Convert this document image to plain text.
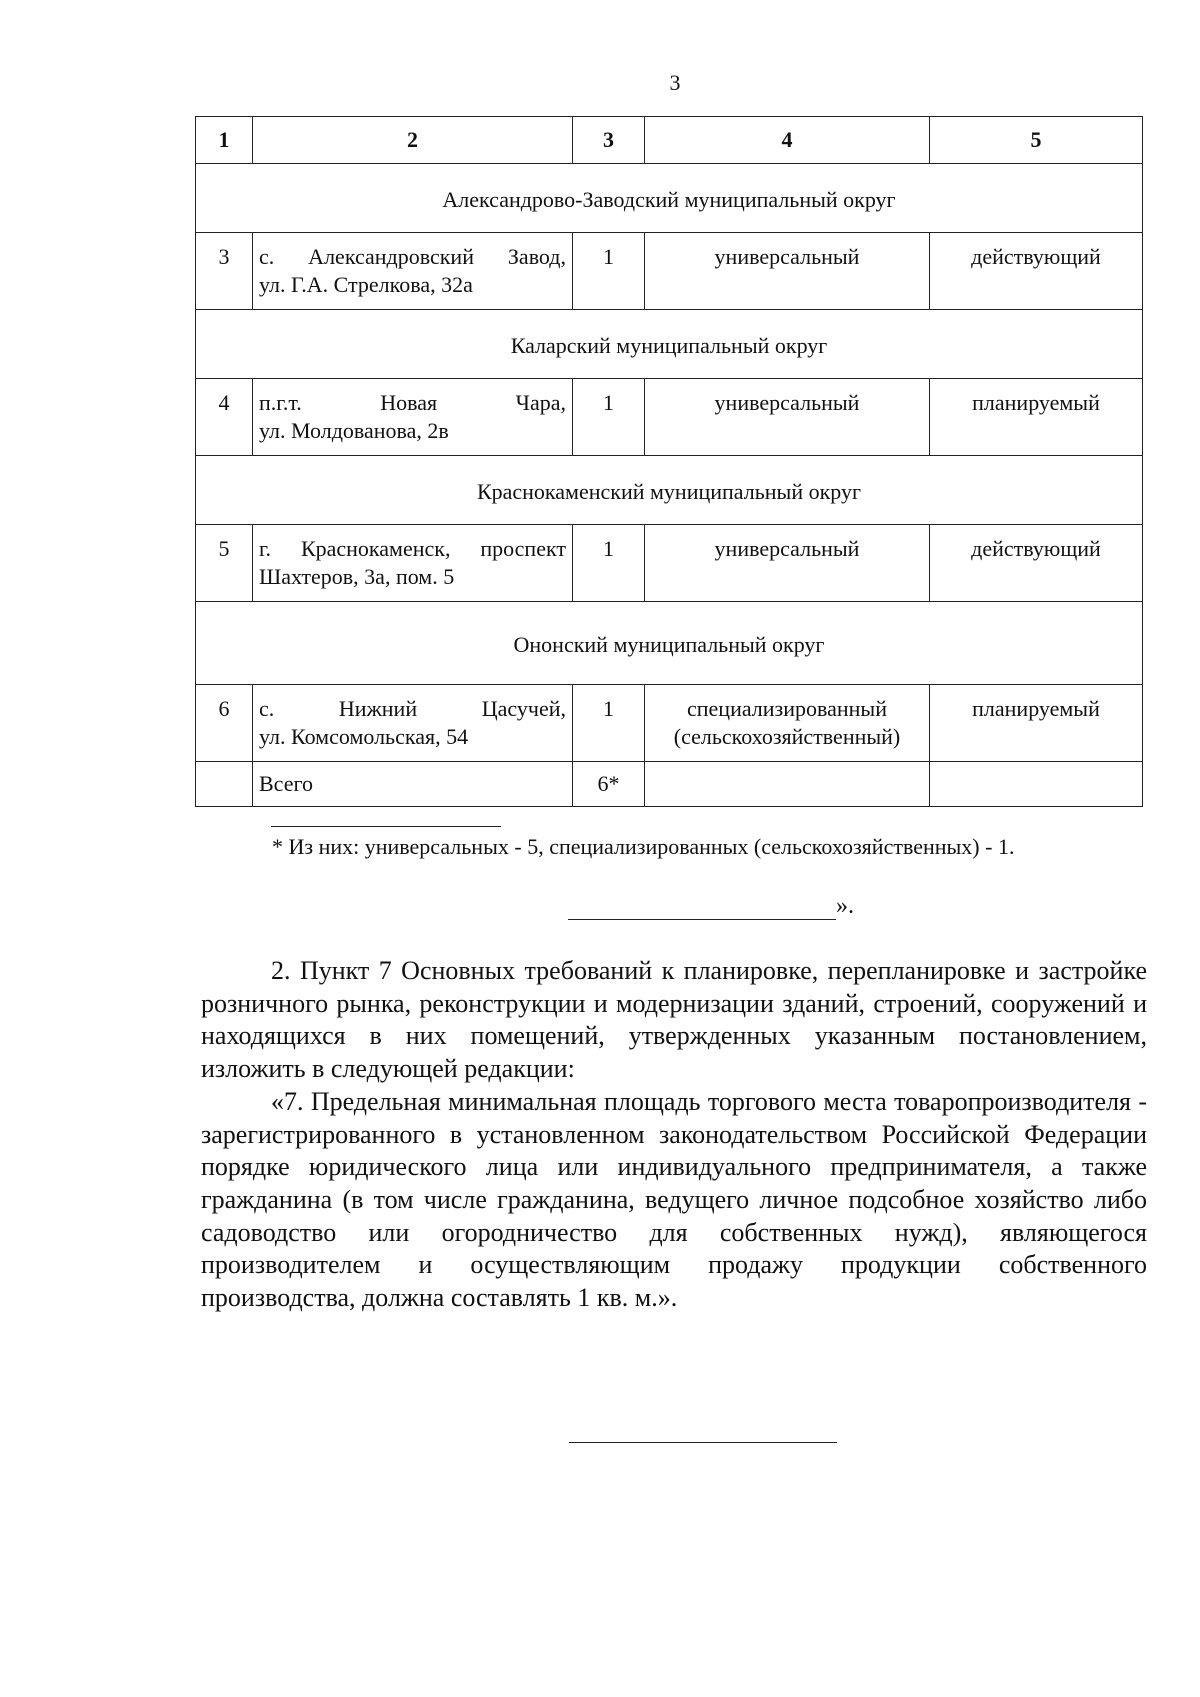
3
1	2	3	4	5
Александрово-Заводский муниципальный округ				
3	с. Александровский Завод,
ул. Г.А. Стрелкова, 32а	1	универсальный	действующий
Каларский муниципальный округ				
4	п.г.т. Новая Чара,
ул. Молдованова, 2в	1	универсальный	планируемый
Краснокаменский муниципальный округ				
5	г. Краснокаменск, проспект
Шахтеров, 3а, пом. 5	1	универсальный	действующий
Ононский муниципальный округ				
6	с. Нижний Цасучей,
ул. Комсомольская, 54	1	специализированный (сельскохозяйственный)	планируемый
	Всего	6*		
* Из них: универсальных - 5, специализированных (сельскохозяйственных) - 1.
».

2. Пункт 7 Основных требований к планировке, перепланировке и застройке розничного рынка, реконструкции и модернизации зданий, строений, сооружений и находящихся в них помещений, утвержденных указанным постановлением, изложить в следующей редакции:

«7. Предельная минимальная площадь торгового места товаропроизводителя - зарегистрированного в установленном законодательством Российской Федерации порядке юридического лица или индивидуального предпринимателя, а также гражданина (в том числе гражданина, ведущего личное подсобное хозяйство либо садоводство или огородничество для собственных нужд), являющегося производителем и осуществляющим продажу продукции собственного производства, должна составлять 1 кв. м.».
